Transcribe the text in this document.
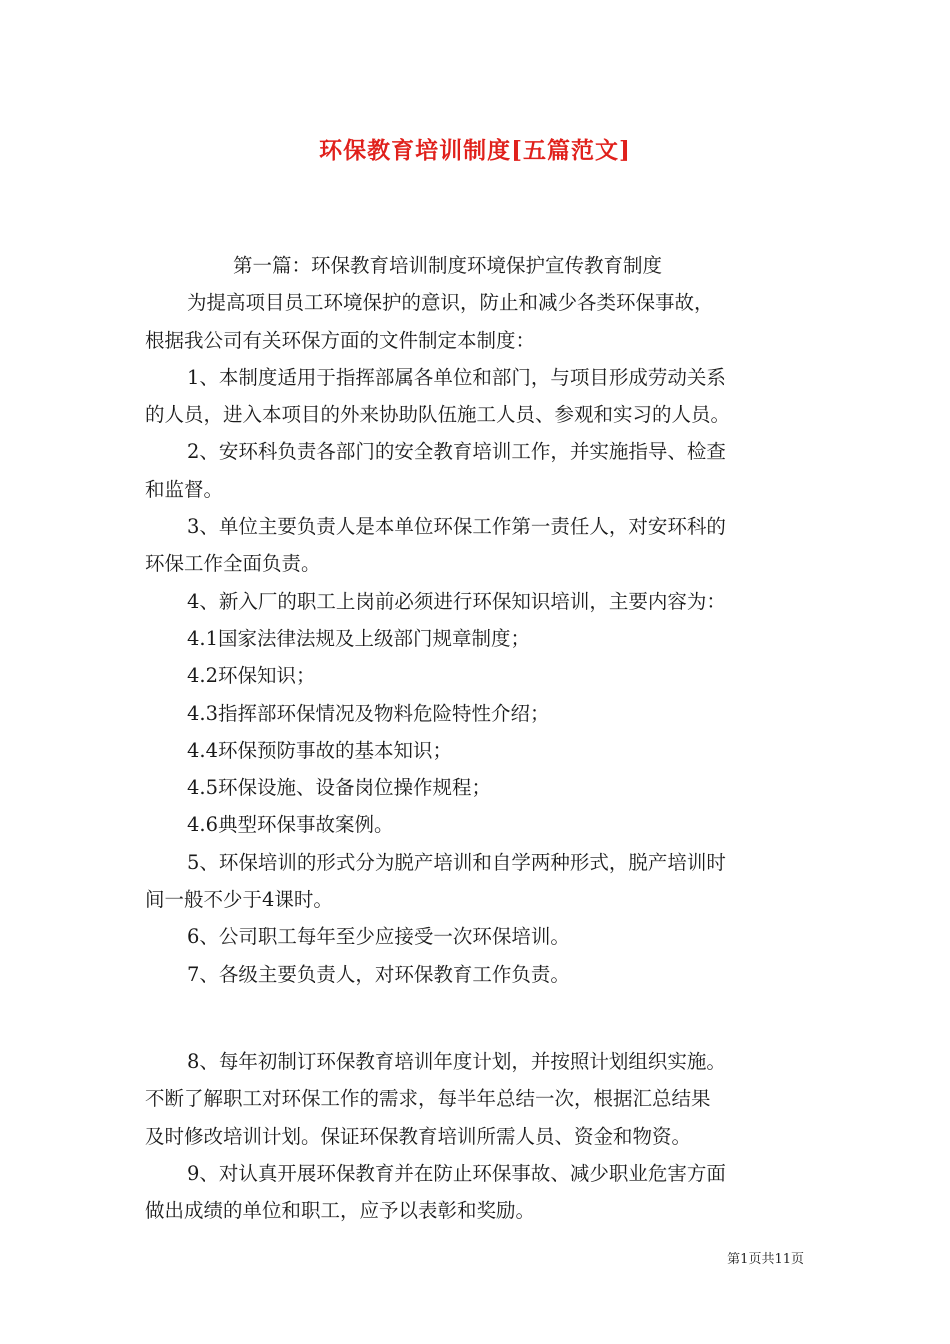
环保教育培训制度[五篇范文]
第一篇：环保教育培训制度环境保护宣传教育制度
为提高项目员工环境保护的意识，防止和减少各类环保事故，
根据我公司有关环保方面的文件制定本制度：
1、本制度适用于指挥部属各单位和部门，与项目形成劳动关系
的人员，进入本项目的外来协助队伍施工人员、参观和实习的人员。
2、安环科负责各部门的安全教育培训工作，并实施指导、检查
和监督。
3、单位主要负责人是本单位环保工作第一责任人，对安环科的
环保工作全面负责。
4、新入厂的职工上岗前必须进行环保知识培训，主要内容为：
4.1国家法律法规及上级部门规章制度；
4.2环保知识；
4.3指挥部环保情况及物料危险特性介绍；
4.4环保预防事故的基本知识；
4.5环保设施、设备岗位操作规程；
4.6典型环保事故案例。
5、环保培训的形式分为脱产培训和自学两种形式，脱产培训时
间一般不少于4课时。
6、公司职工每年至少应接受一次环保培训。
7、各级主要负责人，对环保教育工作负责。
8、每年初制订环保教育培训年度计划，并按照计划组织实施。
不断了解职工对环保工作的需求，每半年总结一次，根据汇总结果
及时修改培训计划。保证环保教育培训所需人员、资金和物资。
9、对认真开展环保教育并在防止环保事故、减少职业危害方面
做出成绩的单位和职工，应予以表彰和奖励。
第1页共11页
